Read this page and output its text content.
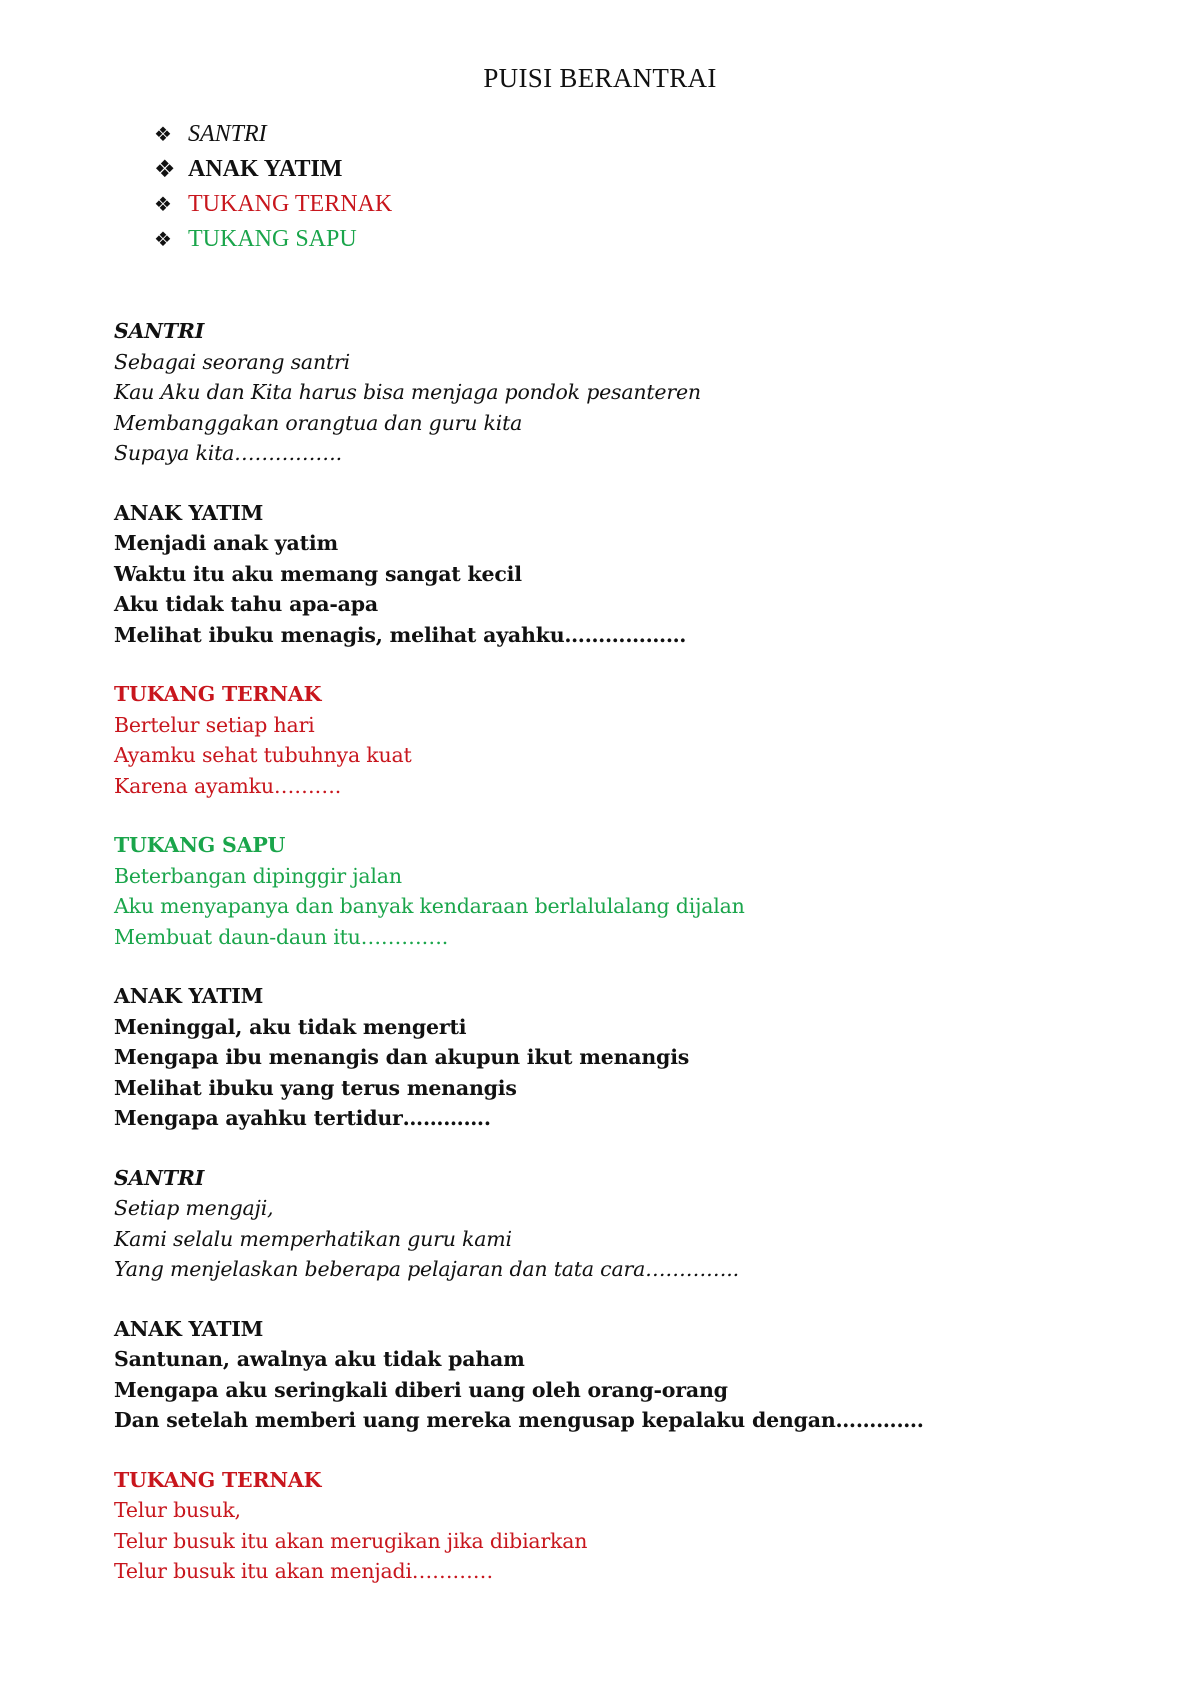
PUISI BERANTRAI
❖ SANTRI
❖ ANAK YATIM
❖ TUKANG TERNAK
❖ TUKANG SAPU
SANTRI
Sebagai seorang santri
Kau Aku dan Kita harus bisa menjaga pondok pesanteren
Membanggakan orangtua dan guru kita
Supaya kita…………….
ANAK YATIM
Menjadi anak yatim
Waktu itu aku memang sangat kecil
Aku tidak tahu apa-apa
Melihat ibuku menagis, melihat ayahku………………
TUKANG TERNAK
Bertelur setiap hari
Ayamku sehat tubuhnya kuat
Karena ayamku……….
TUKANG SAPU
Beterbangan dipinggir jalan
Aku menyapanya dan banyak kendaraan berlalulalang dijalan
Membuat daun-daun itu………….
ANAK YATIM
Meninggal, aku tidak mengerti
Mengapa ibu menangis dan akupun ikut menangis
Melihat ibuku yang terus menangis
Mengapa ayahku tertidur………….
SANTRI
Setiap mengaji,
Kami selalu memperhatikan guru kami
Yang menjelaskan beberapa pelajaran dan tata cara…………..
ANAK YATIM
Santunan, awalnya aku tidak paham
Mengapa aku seringkali diberi uang oleh orang-orang
Dan setelah memberi uang mereka mengusap kepalaku dengan………….
TUKANG TERNAK
Telur busuk,
Telur busuk itu akan merugikan jika dibiarkan
Telur busuk itu akan menjadi…………
